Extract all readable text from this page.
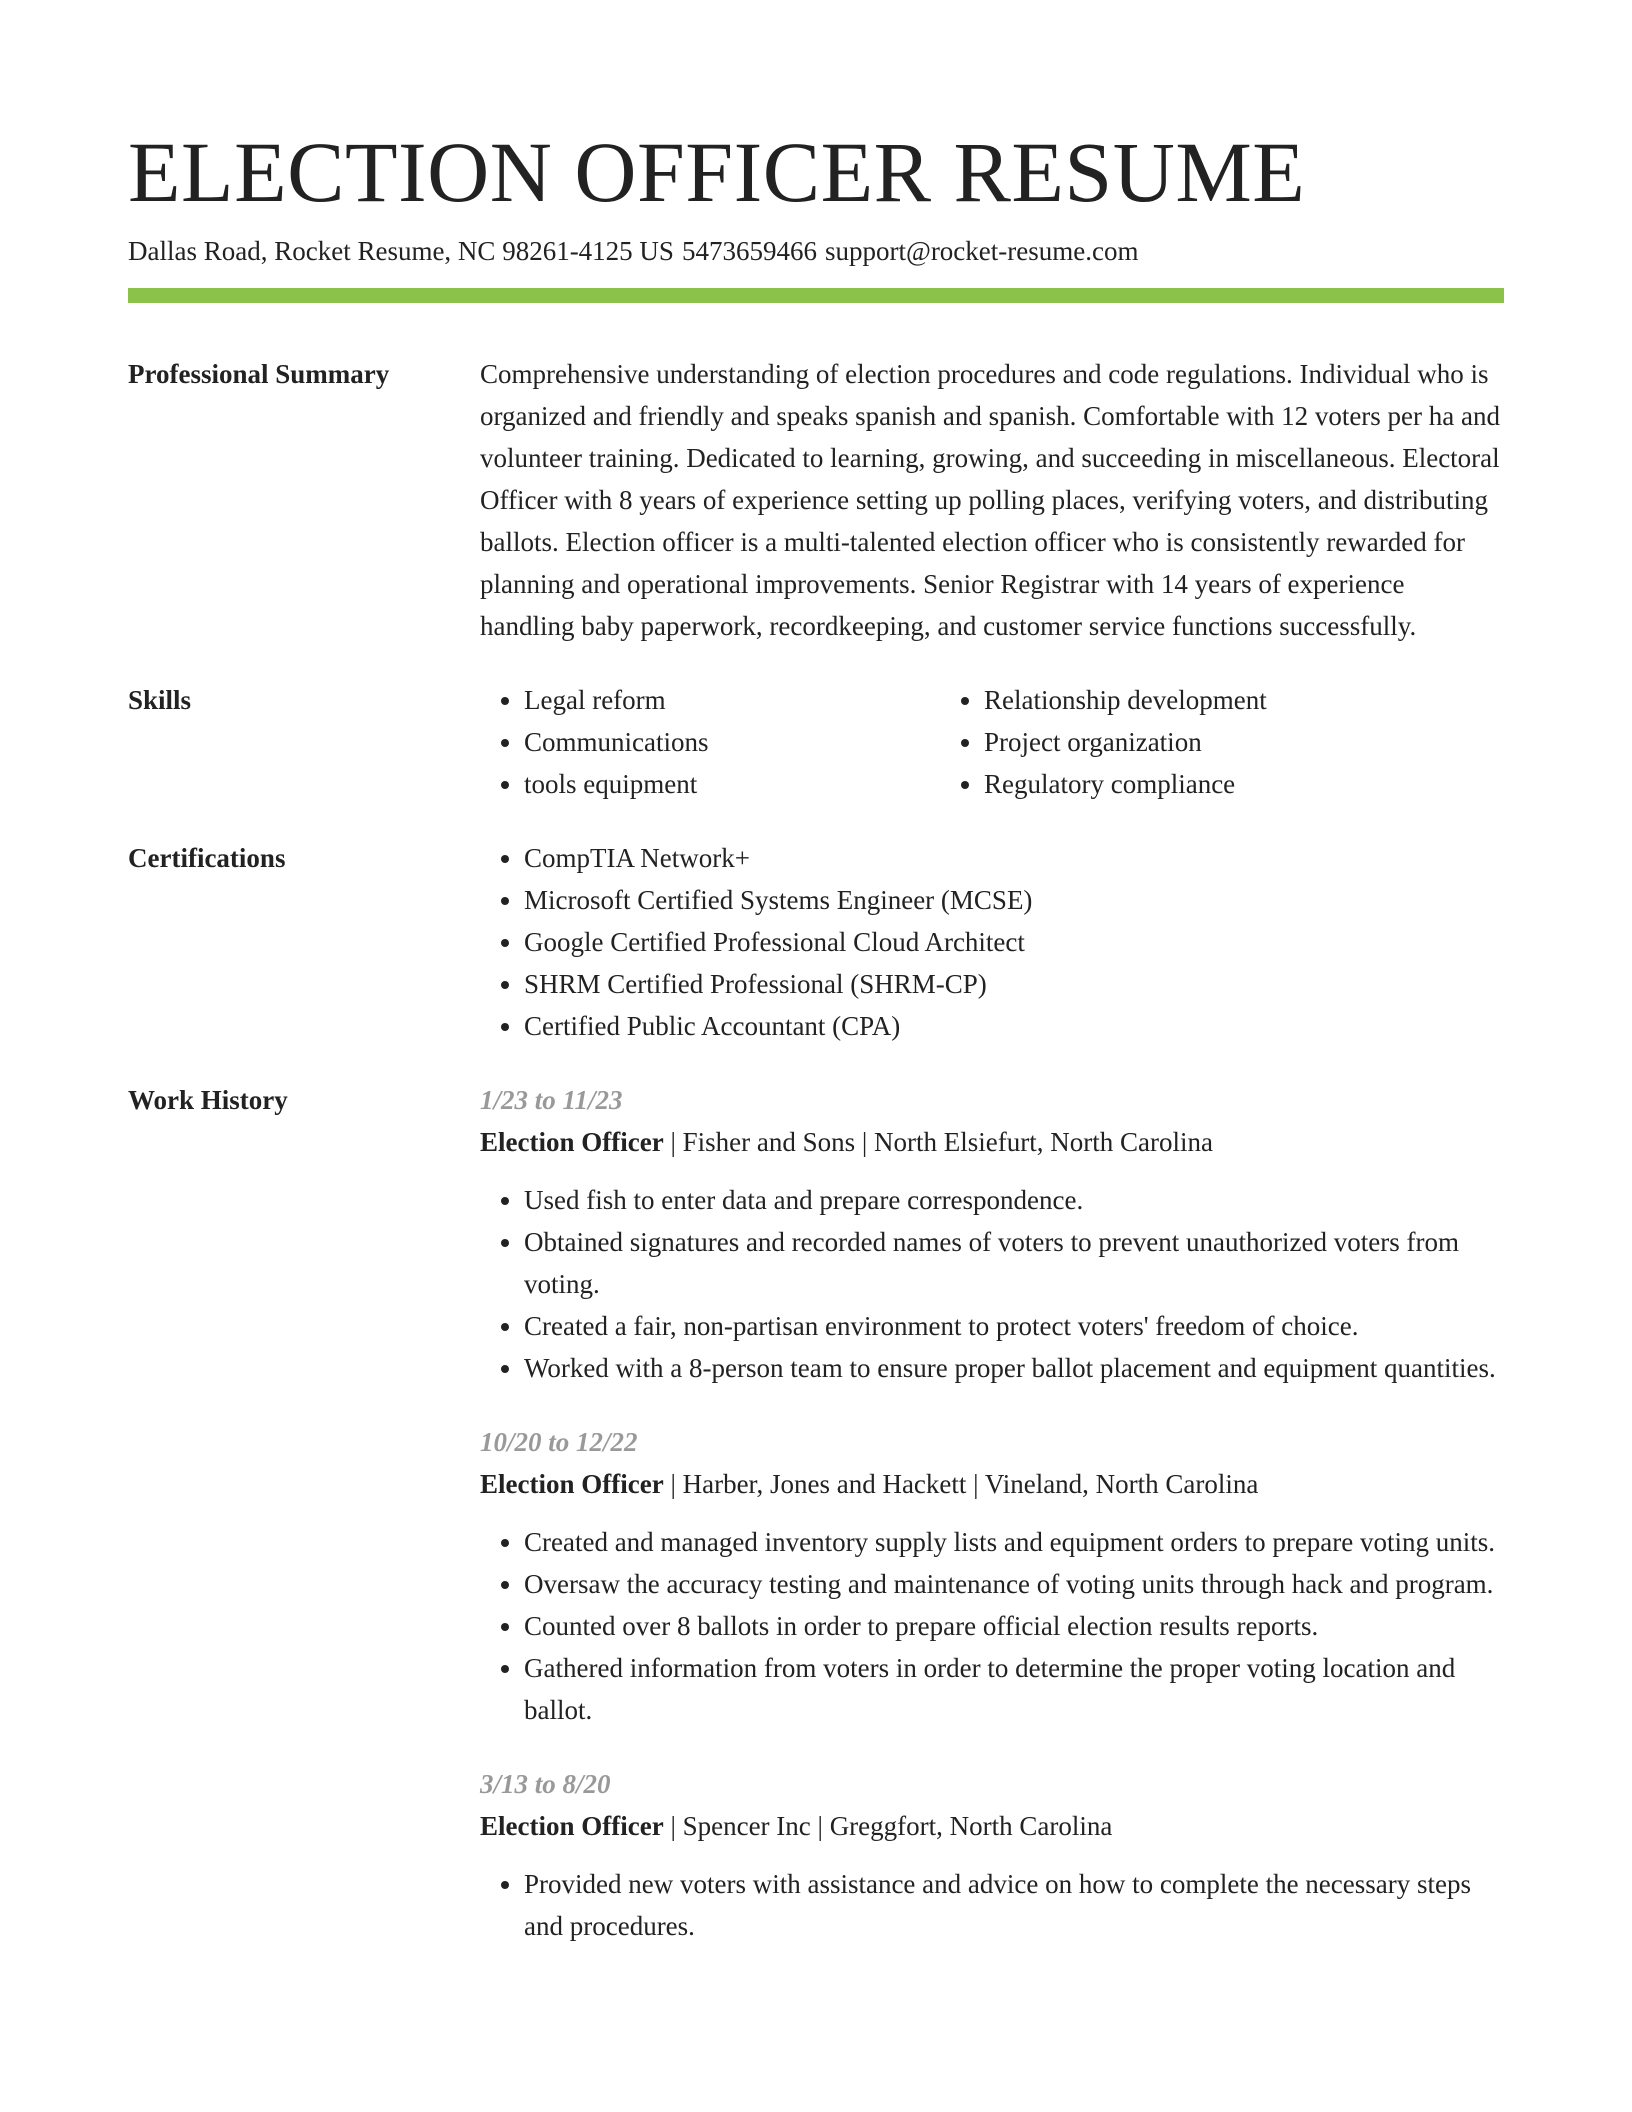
ELECTION OFFICER RESUME
Dallas Road, Rocket Resume, NC 98261-4125 US 5473659466 support@rocket-resume.com
Professional Summary	Comprehensive understanding of election procedures and code regulations. Individual who is organized and friendly and speaks spanish and spanish. Comfortable with 12 voters per ha and volunteer training. Dedicated to learning, growing, and succeeding in miscellaneous. Electoral Officer with 8 years of experience setting up polling places, verifying voters, and distributing ballots. Election officer is a multi-talented election officer who is consistently rewarded for planning and operational improvements. Senior Registrar with 14 years of experience handling baby paperwork, recordkeeping, and customer service functions successfully.

Skills	• Legal reform
• Communications
• tools equipment
• Relationship development
• Project organization
• Regulatory compliance
Certifications	• CompTIA Network+
• Microsoft Certified Systems Engineer (MCSE)
• Google Certified Professional Cloud Architect
• SHRM Certified Professional (SHRM-CP)
• Certified Public Accountant (CPA)
Work History	1/23 to 11/23
Election Officer | Fisher and Sons | North Elsiefurt, North Carolina
• Used fish to enter data and prepare correspondence.
• Obtained signatures and recorded names of voters to prevent unauthorized voters from voting.
• Created a fair, non-partisan environment to protect voters' freedom of choice.
• Worked with a 8-person team to ensure proper ballot placement and equipment quantities.
10/20 to 12/22
Election Officer | Harber, Jones and Hackett | Vineland, North Carolina
• Created and managed inventory supply lists and equipment orders to prepare voting units.
• Oversaw the accuracy testing and maintenance of voting units through hack and program.
• Counted over 8 ballots in order to prepare official election results reports.
• Gathered information from voters in order to determine the proper voting location and ballot.
3/13 to 8/20
Election Officer | Spencer Inc | Greggfort, North Carolina
• Provided new voters with assistance and advice on how to complete the necessary steps and procedures.
